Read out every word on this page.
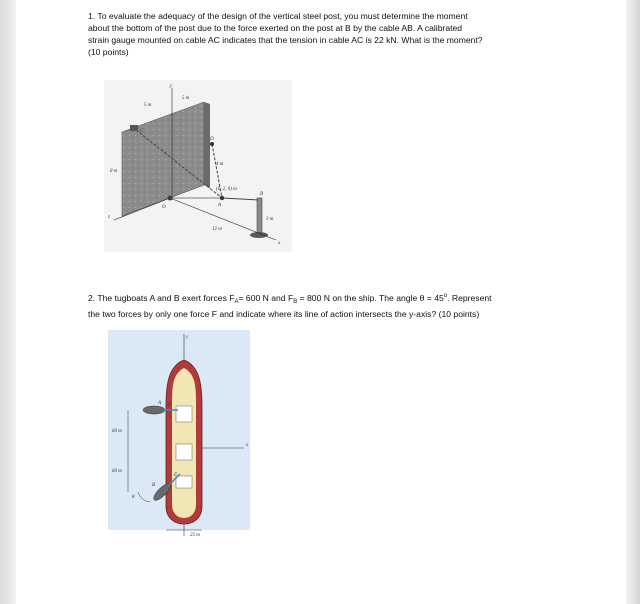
1. To evaluate the adequacy of the design of the vertical steel post, you must determine the moment
about the bottom of the post due to the force exerted on the post at B by the cable AB. A calibrated
strain gauge mounted on cable AC indicates that the tension in cable AC is 22 kN. What is the moment?
(10 points)
5 m
5 m
8 m
4 m
(6, 2, 0) m
12 m
3 m
C
D
A
B
O
x
y
z
2. The tugboats A and B exert forces $F_A= 600$ N and $F_B = 800$ N on the ship. The angle $\theta = 45^o$. Represent
the two forces by only one force F and indicate where its line of action intersects the y-axis? (10 points)
60 m
60 m
25 m
A
B
θ
F
F
x
y
